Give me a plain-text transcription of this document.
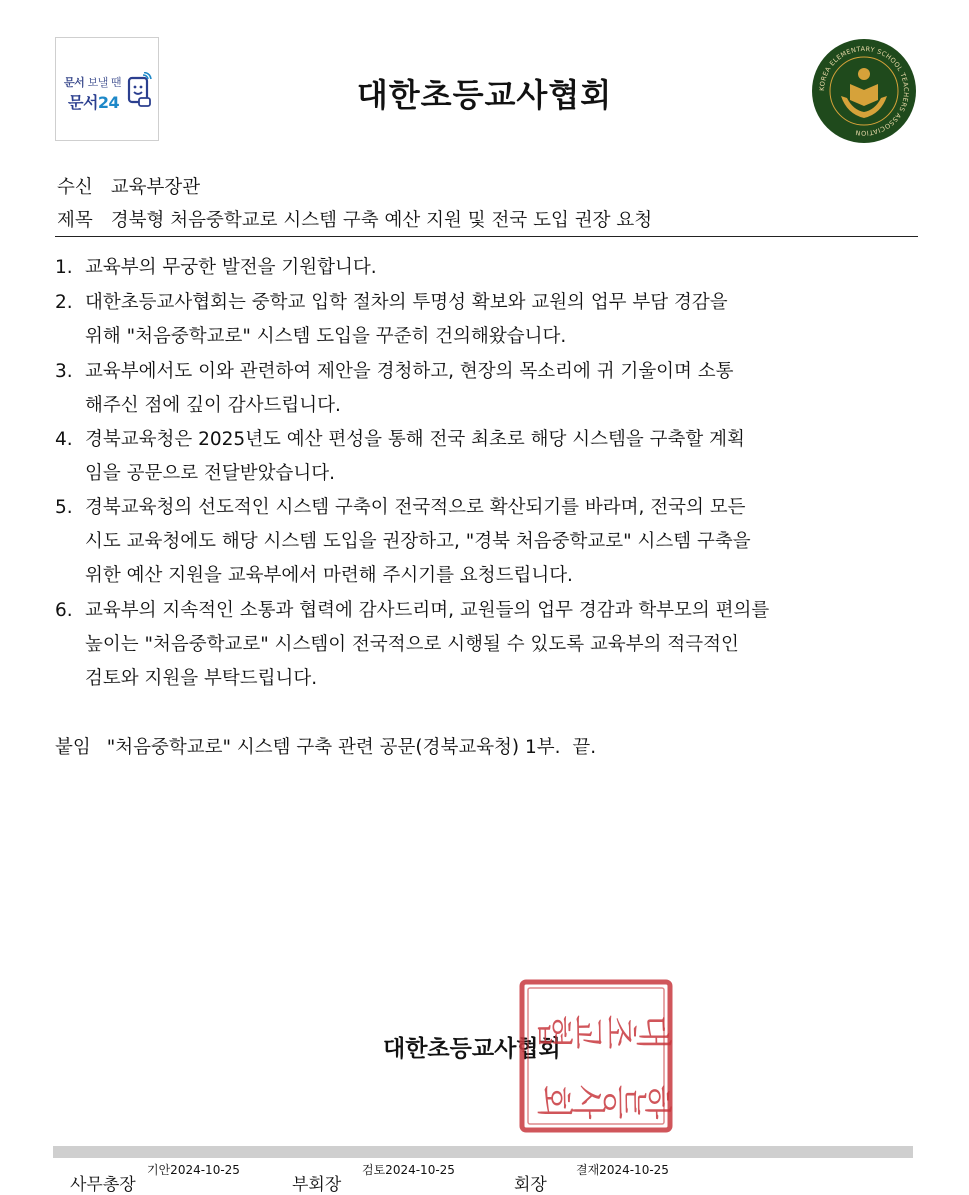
문서 보낼 땐
문서24	대한초등교사협회	KOREA ELEMENTARY SCHOOL TEACHERS ASSOCIATION
수신 교육부장관
제목 경북형 처음중학교로 시스템 구축 예산 지원 및 전국 도입 권장 요청
1. 교육부의 무궁한 발전을 기원합니다.
2. 대한초등교사협회는 중학교 입학 절차의 투명성 확보와 교원의 업무 부담 경감을
위해 "처음중학교로" 시스템 도입을 꾸준히 건의해왔습니다.
3. 교육부에서도 이와 관련하여 제안을 경청하고, 현장의 목소리에 귀 기울이며 소통
해주신 점에 깊이 감사드립니다.
4. 경북교육청은 2025년도 예산 편성을 통해 전국 최초로 해당 시스템을 구축할 계획
임을 공문으로 전달받았습니다.
5. 경북교육청의 선도적인 시스템 구축이 전국적으로 확산되기를 바라며, 전국의 모든
시도 교육청에도 해당 시스템 도입을 권장하고, "경북 처음중학교로" 시스템 구축을
위한 예산 지원을 교육부에서 마련해 주시기를 요청드립니다.
6. 교육부의 지속적인 소통과 협력에 감사드리며, 교원들의 업무 경감과 학부모의 편의를
높이는 "처음중학교로" 시스템이 전국적으로 시행될 수 있도록 교육부의 적극적인
검토와 지원을 부탁드립니다.
붙임 "처음중학교로" 시스템 구축 관련 공문(경북교육청) 1부. 끝.
대한초등교사협회 대
한
초
등
교
사
협
회
기안2024-10-25	검토2024-10-25	결재2024-10-25
사무총장	부회장	회장
